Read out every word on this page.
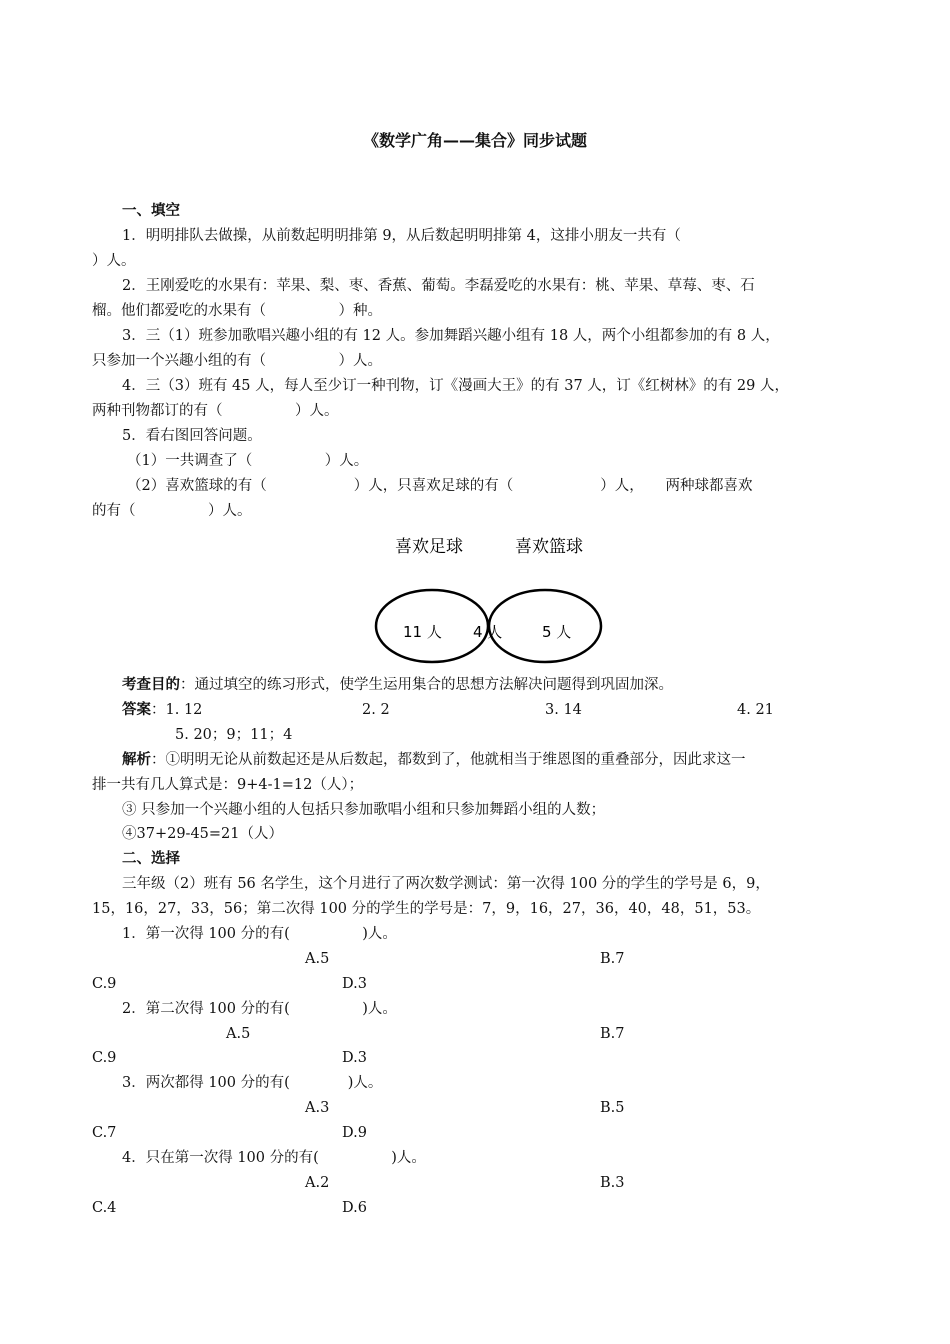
《数学广角——集合》同步试题
一、填空
1．明明排队去做操，从前数起明明排第 9，从后数起明明排第 4，这排小朋友一共有（
）人。
2．王刚爱吃的水果有：苹果、梨、枣、香蕉、葡萄。李磊爱吃的水果有：桃、苹果、草莓、枣、石
榴。他们都爱吃的水果有（　　　　　）种。
3．三（1）班参加歌唱兴趣小组的有 12 人。参加舞蹈兴趣小组有 18 人，两个小组都参加的有 8 人，
只参加一个兴趣小组的有（　　　　　）人。
4．三（3）班有 45 人，每人至少订一种刊物，订《漫画大王》的有 37 人，订《红树林》的有 29 人，
两种刊物都订的有（　　　　　）人。
5．看右图回答问题。
（1）一共调查了（　　　　　）人。
（2）喜欢篮球的有（　　　　　　）人，只喜欢足球的有（　　　　　　）人，　　两种球都喜欢
的有（　　　　　）人。
喜欢足球	喜欢篮球
11 人 4 人	5 人
考查目的：通过填空的练习形式，使学生运用集合的思想方法解决问题得到巩固加深。
答案：1. 12	2. 2	3. 14	4. 21
5. 20；9；11；4
解析：①明明无论从前数起还是从后数起，都数到了，他就相当于维恩图的重叠部分，因此求这一
排一共有几人算式是：9+4-1=12（人）；
③ 只参加一个兴趣小组的人包括只参加歌唱小组和只参加舞蹈小组的人数；
④37+29-45=21（人）
二、选择
三年级（2）班有 56 名学生，这个月进行了两次数学测试：第一次得 100 分的学生的学号是 6，9，
15，16，27，33，56；第二次得 100 分的学生的学号是：7，9，16，27，36，40，48，51，53。
1．第一次得 100 分的有(　　　　　)人。
A.5	B.7
C.9	D.3
2．第二次得 100 分的有(　　　　　)人。
A.5	B.7
C.9	D.3
3．两次都得 100 分的有(　　　　)人。
A.3	B.5
C.7	D.9
4．只在第一次得 100 分的有(　　　　　)人。
A.2	B.3
C.4	D.6
